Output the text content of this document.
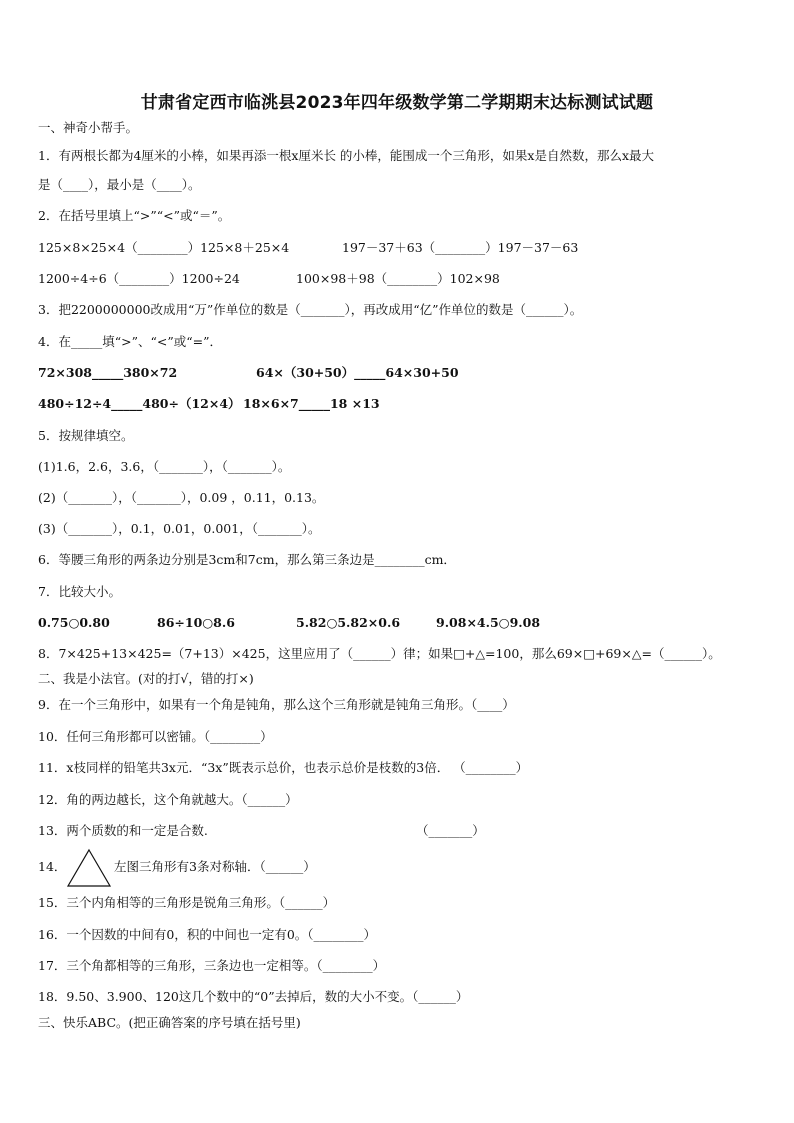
甘肃省定西市临洮县2023年四年级数学第二学期期末达标测试试题
一、神奇小帮手。
1．有两根长都为4厘米的小棒，如果再添一根x厘米长 的小棒，能围成一个三角形，如果x是自然数，那么x最大
是（____），最小是（____）。
2．在括号里填上“>”“<”或“＝”。
125×8×25×4（________）125×8＋25×4	197－37＋63（________）197－37－63
1200÷4÷6（________）1200÷24	100×98＋98（________）102×98
3．把2200000000改成用“万”作单位的数是（_______），再改成用“亿”作单位的数是（______）。
4．在_____填“>”、“<”或“=”．
72×308_____380×72	64×（30+50）_____64×30+50
480÷12÷4_____480÷（12×4） 18×6×7_____18 ×13
5．按规律填空。
(1)1.6，2.6，3.6，（_______），（_______）。
(2)（_______），（_______），0.09 ，0.11，0.13。
(3)（_______），0.1，0.01，0.001，（_______）。
6．等腰三角形的两条边分别是3cm和7cm，那么第三条边是________cm．
7．比较大小。
0.75○0.80	86÷10○8.6	5.82○5.82×0.6	9.08×4.5○9.08
8．7×425+13×425=（7+13）×425，这里应用了（______）律；如果□+△=100，那么69×□+69×△=（______）。
二、我是小法官。(对的打√，错的打×)
9．在一个三角形中，如果有一个角是钝角，那么这个三角形就是钝角三角形。（____）
10．任何三角形都可以密铺。（________）
11．x枝同样的铅笔共3x元．“3x”既表示总价，也表示总价是枝数的3倍． （________）
12．角的两边越长，这个角就越大。（______）
13．两个质数的和一定是合数.	（_______）
14．	左图三角形有3条对称轴．（______）
15．三个内角相等的三角形是锐角三角形。（______）
16．一个因数的中间有0，积的中间也一定有0。（________）
17．三个角都相等的三角形，三条边也一定相等。（________）
18．9.50、3.900、120这几个数中的“0”去掉后，数的大小不变。（______）
三、快乐ABC。(把正确答案的序号填在括号里)
